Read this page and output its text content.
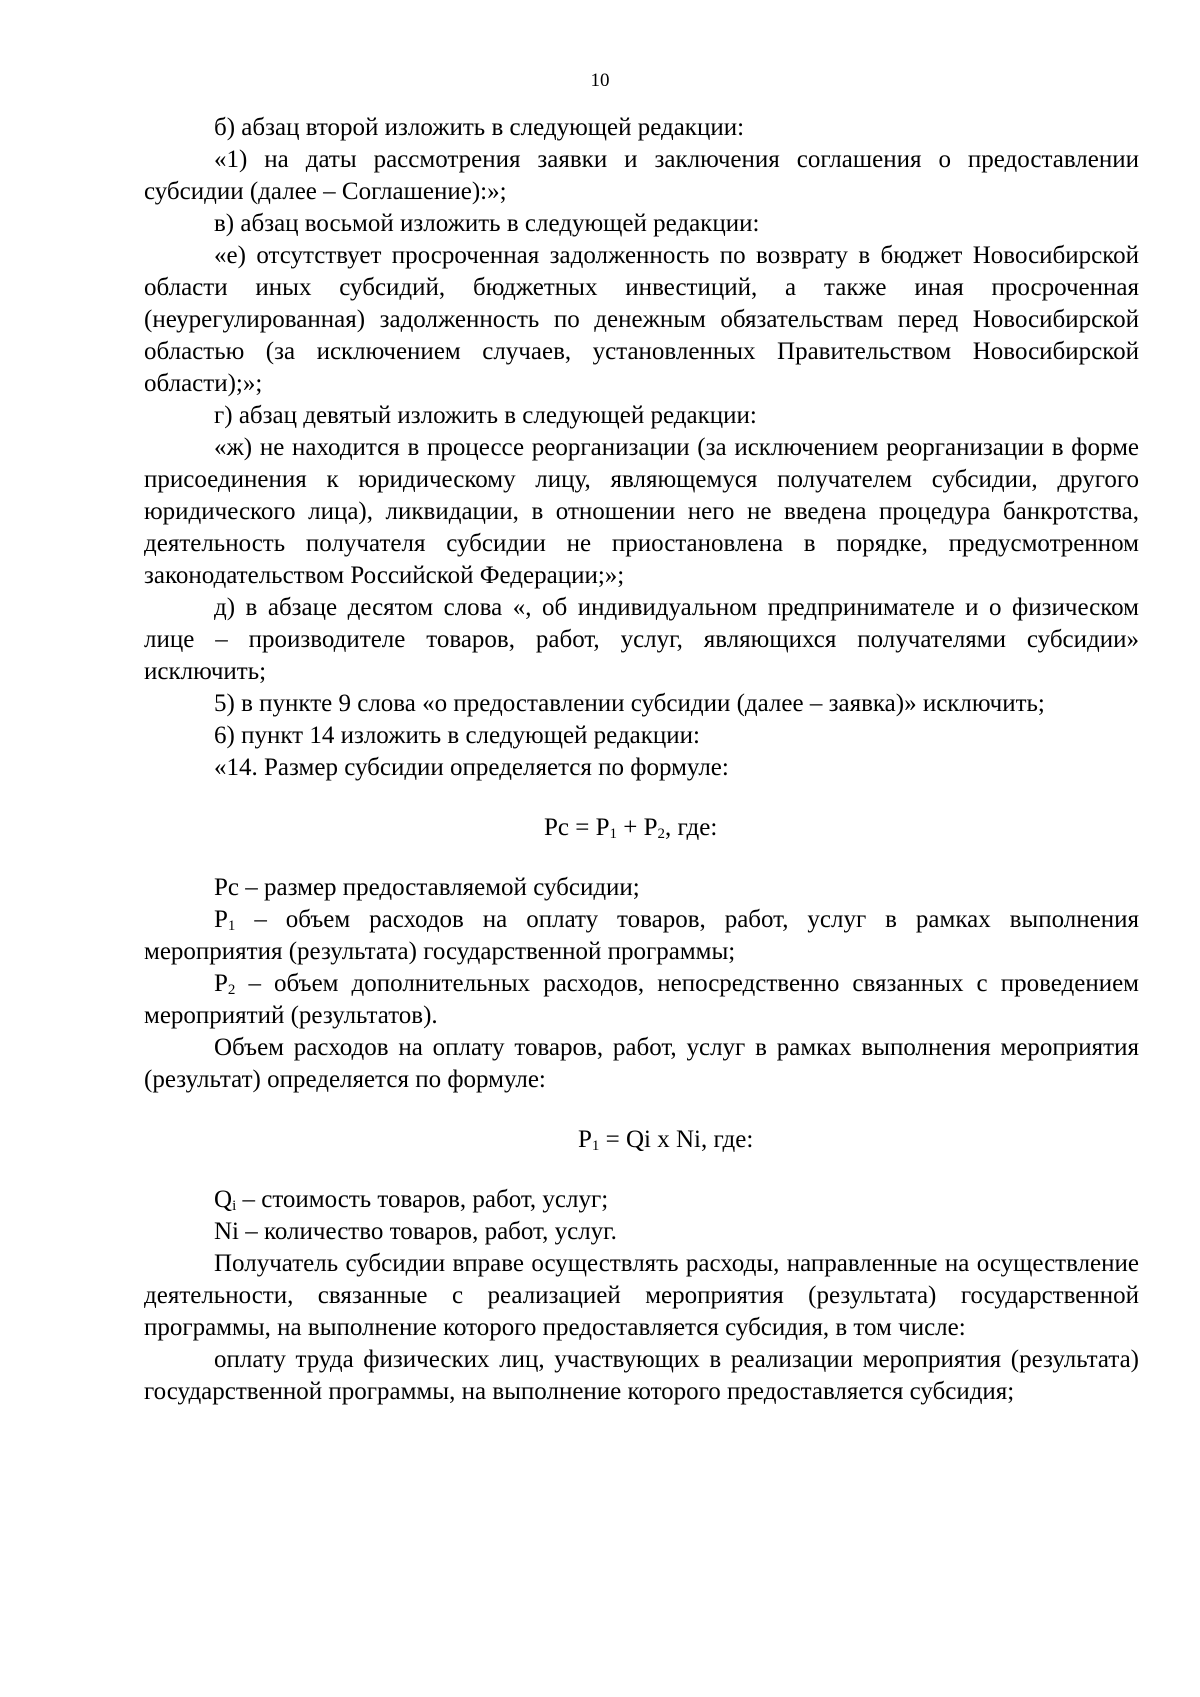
10

б) абзац второй изложить в следующей редакции:

«1) на даты рассмотрения заявки и заключения соглашения о предоставлении субсидии (далее – Соглашение):»;

в) абзац восьмой изложить в следующей редакции:

«е) отсутствует просроченная задолженность по возврату в бюджет Новосибирской области иных субсидий, бюджетных инвестиций, а также иная просроченная (неурегулированная) задолженность по денежным обязательствам перед Новосибирской областью (за исключением случаев, установленных Правительством Новосибирской области);»;

г) абзац девятый изложить в следующей редакции:

«ж) не находится в процессе реорганизации (за исключением реорганизации в форме присоединения к юридическому лицу, являющемуся получателем субсидии, другого юридического лица), ликвидации, в отношении него не введена процедура банкротства, деятельность получателя субсидии не приостановлена в порядке, предусмотренном законодательством Российской Федерации;»;

д) в абзаце десятом слова «, об индивидуальном предпринимателе и о физическом лице – производителе товаров, работ, услуг, являющихся получателями субсидии» исключить;

5) в пункте 9 слова «о предоставлении субсидии (далее – заявка)» исключить;

6) пункт 14 изложить в следующей редакции:

«14. Размер субсидии определяется по формуле:

Рс = $Р_1 + Р_2$, где:

Рс – размер предоставляемой субсидии;

$Р_1$ – объем расходов на оплату товаров, работ, услуг в рамках выполнения мероприятия (результата) государственной программы;

$Р_2$ – объем дополнительных расходов, непосредственно связанных с проведением мероприятий (результатов).

Объем расходов на оплату товаров, работ, услуг в рамках выполнения мероприятия (результат) определяется по формуле:

$Р_1 = Qi$ x Ni, где:

$Q_i$ – стоимость товаров, работ, услуг;

Ni – количество товаров, работ, услуг.

Получатель субсидии вправе осуществлять расходы, направленные на осуществление деятельности, связанные с реализацией мероприятия (результата) государственной программы, на выполнение которого предоставляется субсидия, в том числе:

оплату труда физических лиц, участвующих в реализации мероприятия (результата) государственной программы, на выполнение которого предоставляется субсидия;
